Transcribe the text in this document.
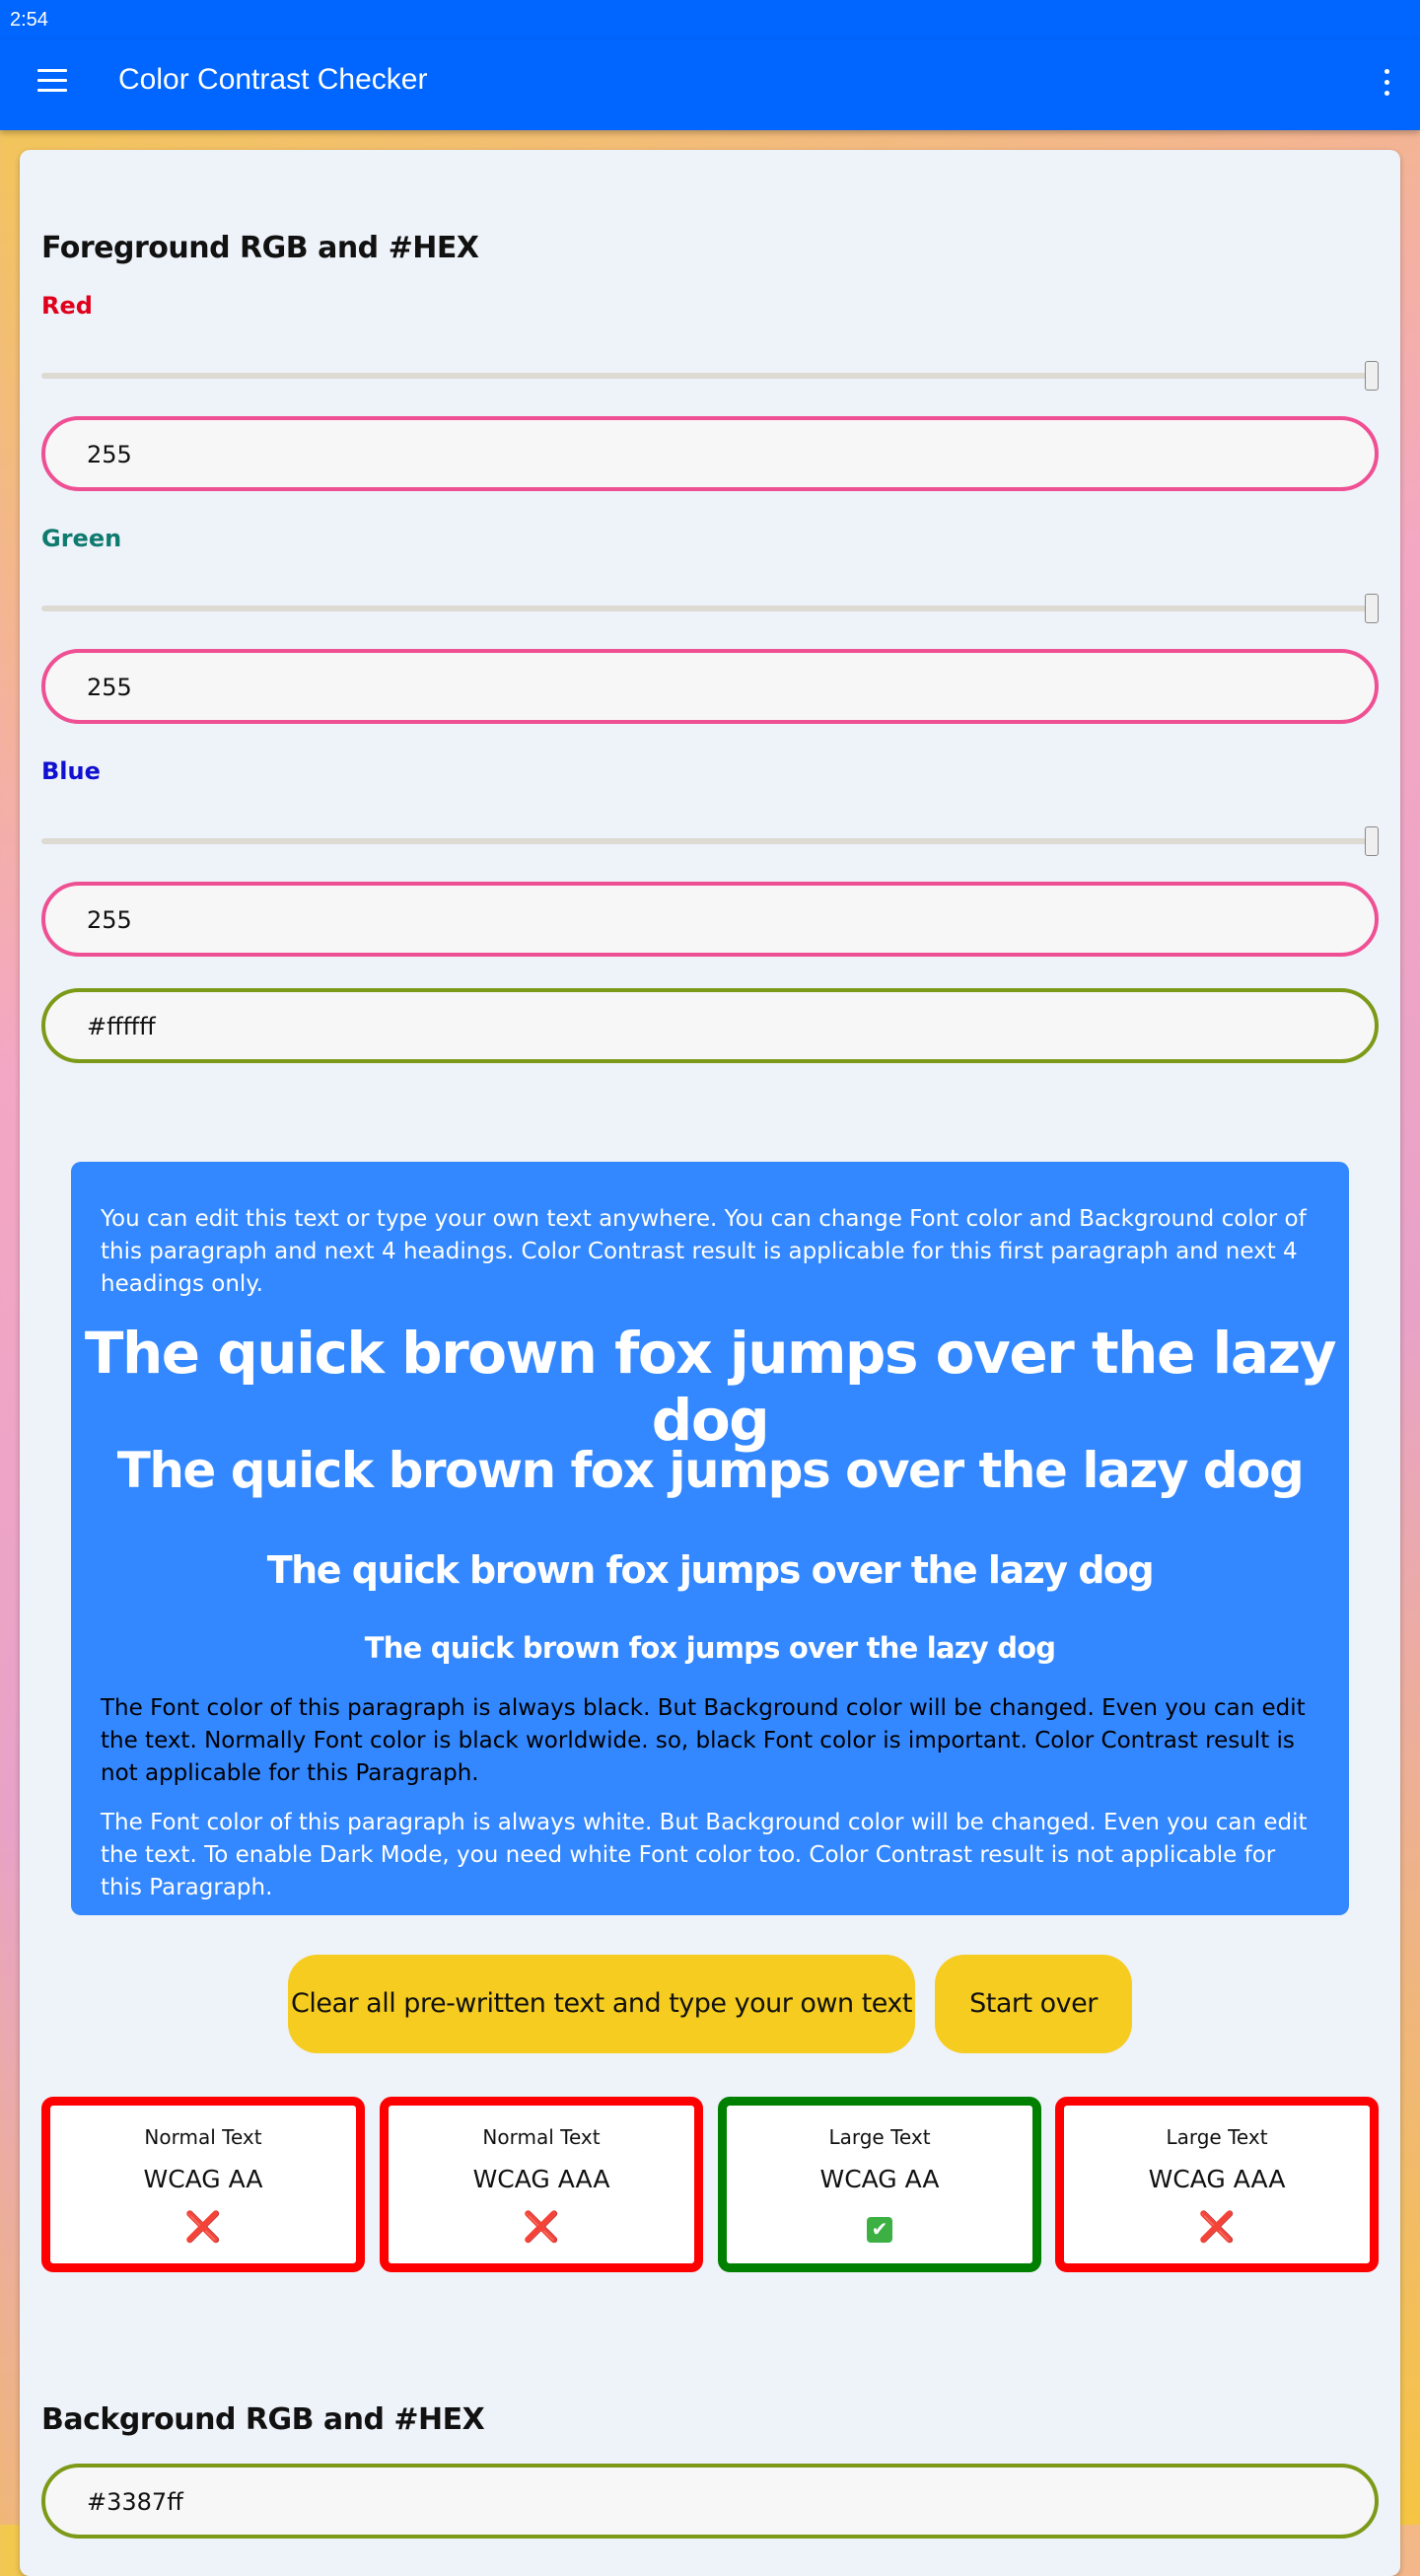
2:54
Color Contrast Checker
Foreground RGB and #HEX
Red
255
Green
255
Blue
255
#ffffff
You can edit this text or type your own text anywhere. You can change Font color and Background color of this paragraph and next 4 headings. Color Contrast result is applicable for this first paragraph and next 4 headings only.
The quick brown fox jumps over the lazy dog
The quick brown fox jumps over the lazy dog
The quick brown fox jumps over the lazy dog
The quick brown fox jumps over the lazy dog
The Font color of this paragraph is always black. But Background color will be changed. Even you can edit the text. Normally Font color is black worldwide. so, black Font color is important. Color Contrast result is not applicable for this Paragraph.
The Font color of this paragraph is always white. But Background color will be changed. Even you can edit the text. To enable Dark Mode, you need white Font color too. Color Contrast result is not applicable for this Paragraph.
Clear all pre-written text and type your own text	Start over
Normal Text
WCAG AA
❌
Normal Text
WCAG AAA
❌
Large Text
WCAG AA
✔
Large Text
WCAG AAA
❌
Background RGB and #HEX
#3387ff
